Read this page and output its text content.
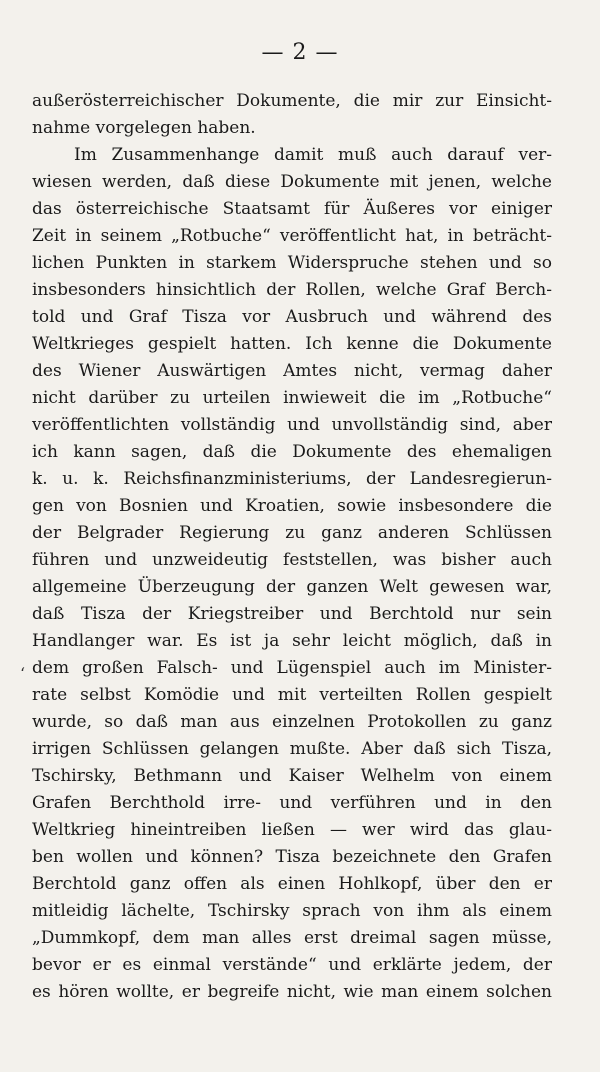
— 2 —
ʻ
außerösterreichischer Dokumente, die mir zur Einsicht-
nahme vorgelegen haben.
Im Zusammenhange damit muß auch darauf ver-
wiesen werden, daß diese Dokumente mit jenen, welche
das österreichische Staatsamt für Äußeres vor einiger
Zeit in seinem „Rotbuche“ veröffentlicht hat, in beträcht-
lichen Punkten in starkem Widerspruche stehen und so
insbesonders hinsichtlich der Rollen, welche Graf Berch-
told und Graf Tisza vor Ausbruch und während des
Weltkrieges gespielt hatten. Ich kenne die Dokumente
des Wiener Auswärtigen Amtes nicht, vermag daher
nicht darüber zu urteilen inwieweit die im „Rotbuche“
veröffentlichten vollständig und unvollständig sind, aber
ich kann sagen, daß die Dokumente des ehemaligen
k. u. k. Reichsfinanzministeriums, der Landesregierun-
gen von Bosnien und Kroatien, sowie insbesondere die
der Belgrader Regierung zu ganz anderen Schlüssen
führen und unzweideutig feststellen, was bisher auch
allgemeine Überzeugung der ganzen Welt gewesen war,
daß Tisza der Kriegstreiber und Berchtold nur sein
Handlanger war. Es ist ja sehr leicht möglich, daß in
dem großen Falsch- und Lügenspiel auch im Minister-
rate selbst Komödie und mit verteilten Rollen gespielt
wurde, so daß man aus einzelnen Protokollen zu ganz
irrigen Schlüssen gelangen mußte. Aber daß sich Tisza,
Tschirsky, Bethmann und Kaiser Welhelm von einem
Grafen Berchthold irre- und verführen und in den
Weltkrieg hineintreiben ließen — wer wird das glau-
ben wollen und können? Tisza bezeichnete den Grafen
Berchtold ganz offen als einen Hohlkopf, über den er
mitleidig lächelte, Tschirsky sprach von ihm als einem
„Dummkopf, dem man alles erst dreimal sagen müsse,
bevor er es einmal verstände“ und erklärte jedem, der
es hören wollte, er begreife nicht, wie man einem solchen
